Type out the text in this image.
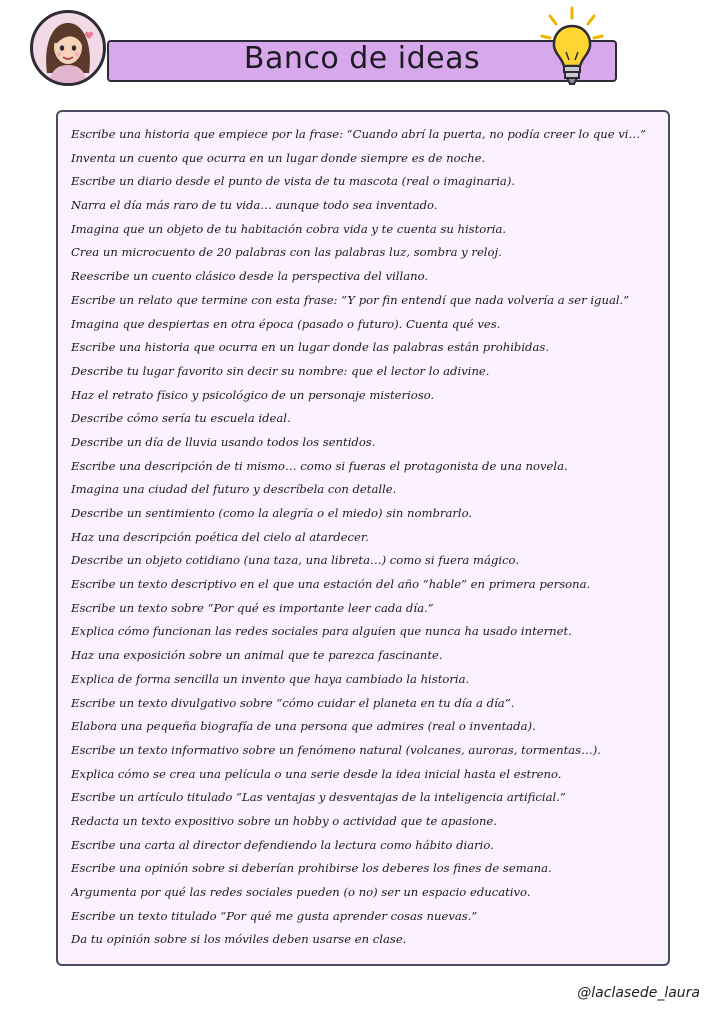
Banco de ideas
Escribe una historia que empiece por la frase: “Cuando abrí la puerta, no podía creer lo que vi…”
Inventa un cuento que ocurra en un lugar donde siempre es de noche.
Escribe un diario desde el punto de vista de tu mascota (real o imaginaria).
Narra el día más raro de tu vida… aunque todo sea inventado.
Imagina que un objeto de tu habitación cobra vida y te cuenta su historia.
Crea un microcuento de 20 palabras con las palabras luz, sombra y reloj.
Reescribe un cuento clásico desde la perspectiva del villano.
Escribe un relato que termine con esta frase: “Y por fin entendí que nada volvería a ser igual.”
Imagina que despiertas en otra época (pasado o futuro). Cuenta qué ves.
Escribe una historia que ocurra en un lugar donde las palabras están prohibidas.
Describe tu lugar favorito sin decir su nombre: que el lector lo adivine.
Haz el retrato físico y psicológico de un personaje misterioso.
Describe cómo sería tu escuela ideal.
Describe un día de lluvia usando todos los sentidos.
Escribe una descripción de ti mismo… como si fueras el protagonista de una novela.
Imagina una ciudad del futuro y descríbela con detalle.
Describe un sentimiento (como la alegría o el miedo) sin nombrarlo.
Haz una descripción poética del cielo al atardecer.
Describe un objeto cotidiano (una taza, una libreta…) como si fuera mágico.
Escribe un texto descriptivo en el que una estación del año “hable” en primera persona.
Escribe un texto sobre “Por qué es importante leer cada día.”
Explica cómo funcionan las redes sociales para alguien que nunca ha usado internet.
Haz una exposición sobre un animal que te parezca fascinante.
Explica de forma sencilla un invento que haya cambiado la historia.
Escribe un texto divulgativo sobre “cómo cuidar el planeta en tu día a día”.
Elabora una pequeña biografía de una persona que admires (real o inventada).
Escribe un texto informativo sobre un fenómeno natural (volcanes, auroras, tormentas…).
Explica cómo se crea una película o una serie desde la idea inicial hasta el estreno.
Escribe un artículo titulado “Las ventajas y desventajas de la inteligencia artificial.”
Redacta un texto expositivo sobre un hobby o actividad que te apasione.
Escribe una carta al director defendiendo la lectura como hábito diario.
Escribe una opinión sobre si deberían prohibirse los deberes los fines de semana.
Argumenta por qué las redes sociales pueden (o no) ser un espacio educativo.
Escribe un texto titulado “Por qué me gusta aprender cosas nuevas.”
Da tu opinión sobre si los móviles deben usarse en clase.
@laclasede_laura
